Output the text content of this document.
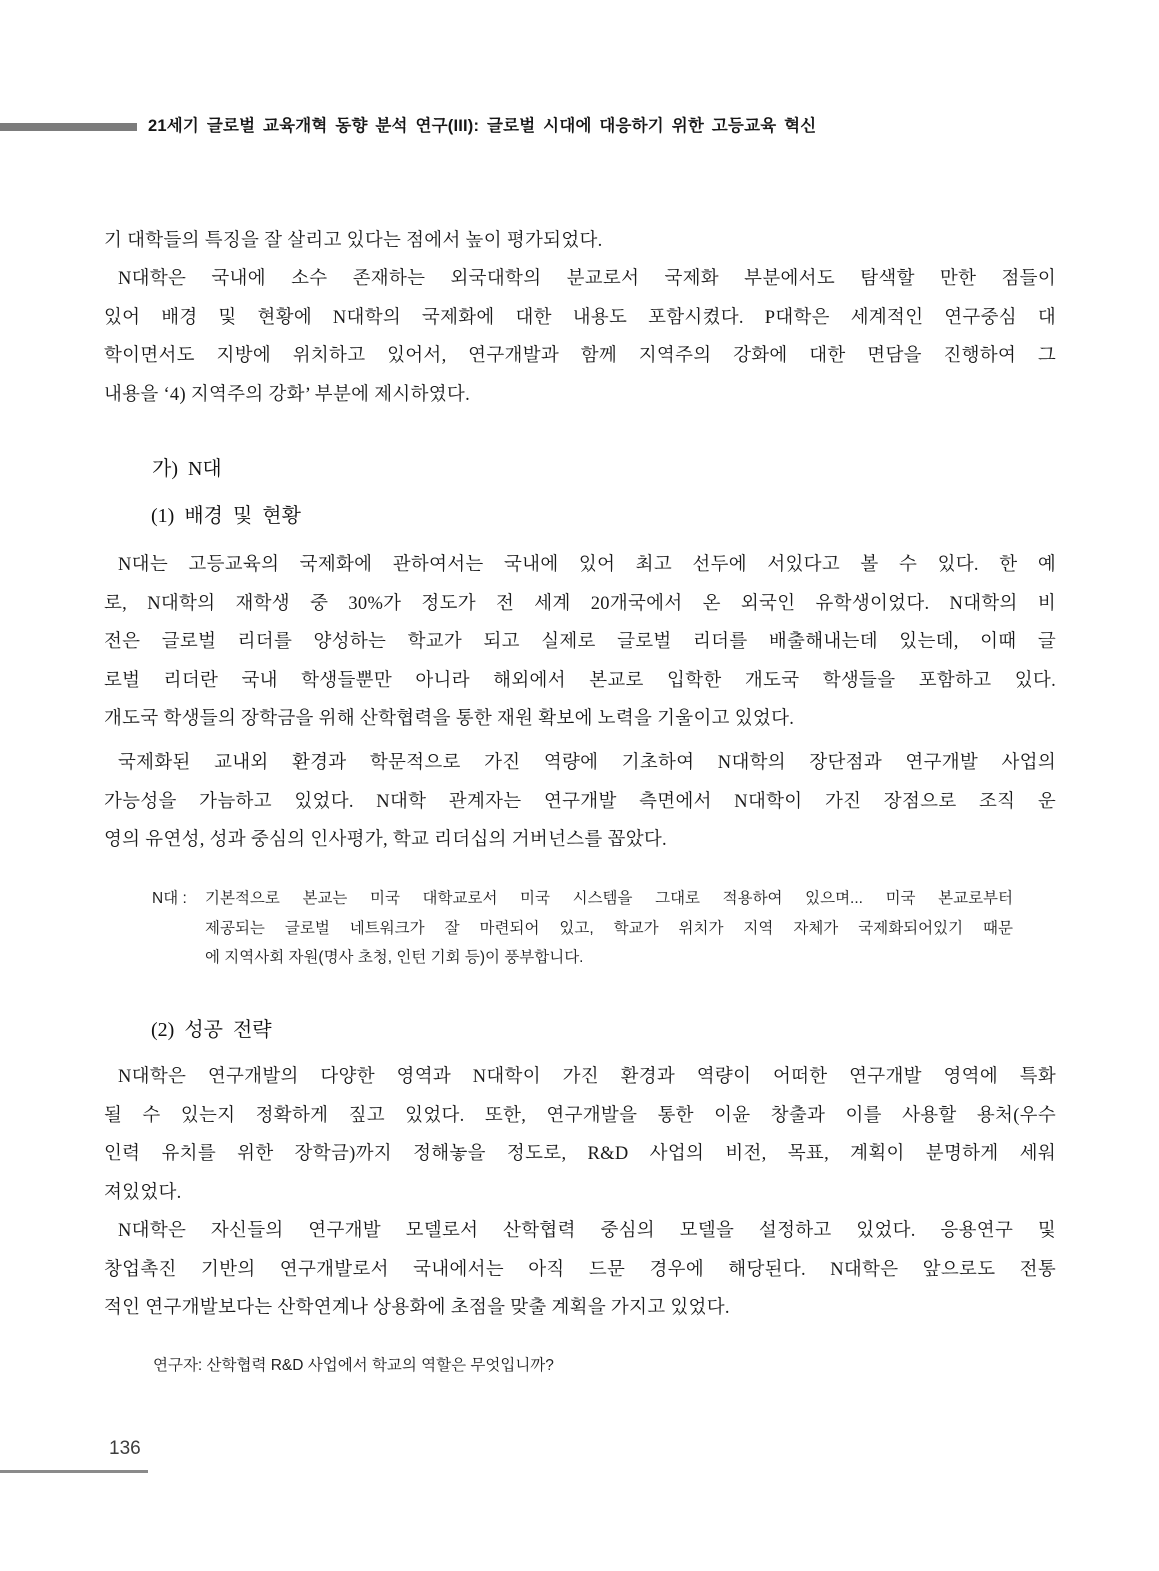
21세기 글로벌 교육개혁 동향 분석 연구(III): 글로벌 시대에 대응하기 위한 고등교육 혁신
기 대학들의 특징을 잘 살리고 있다는 점에서 높이 평가되었다.
N대학은 국내에 소수 존재하는 외국대학의 분교로서 국제화 부분에서도 탐색할 만한 점들이
있어 배경 및 현황에 N대학의 국제화에 대한 내용도 포함시켰다. P대학은 세계적인 연구중심 대
학이면서도 지방에 위치하고 있어서, 연구개발과 함께 지역주의 강화에 대한 면담을 진행하여 그
내용을 ‘4) 지역주의 강화’ 부분에 제시하였다.
가) N대
(1) 배경 및 현황
N대는 고등교육의 국제화에 관하여서는 국내에 있어 최고 선두에 서있다고 볼 수 있다. 한 예
로, N대학의 재학생 중 30%가 정도가 전 세계 20개국에서 온 외국인 유학생이었다. N대학의 비
전은 글로벌 리더를 양성하는 학교가 되고 실제로 글로벌 리더를 배출해내는데 있는데, 이때 글
로벌 리더란 국내 학생들뿐만 아니라 해외에서 본교로 입학한 개도국 학생들을 포함하고 있다.
개도국 학생들의 장학금을 위해 산학협력을 통한 재원 확보에 노력을 기울이고 있었다.
국제화된 교내외 환경과 학문적으로 가진 역량에 기초하여 N대학의 장단점과 연구개발 사업의
가능성을 가늠하고 있었다. N대학 관계자는 연구개발 측면에서 N대학이 가진 장점으로 조직 운
영의 유연성, 성과 중심의 인사평가, 학교 리더십의 거버넌스를 꼽았다.
N대 :	기본적으로 본교는 미국 대학교로서 미국 시스템을 그대로 적용하여 있으며... 미국 본교로부터
제공되는 글로벌 네트워크가 잘 마련되어 있고, 학교가 위치가 지역 자체가 국제화되어있기 때문
에 지역사회 자원(명사 초청, 인턴 기회 등)이 풍부합니다.
(2) 성공 전략
N대학은 연구개발의 다양한 영역과 N대학이 가진 환경과 역량이 어떠한 연구개발 영역에 특화
될 수 있는지 정확하게 짚고 있었다. 또한, 연구개발을 통한 이윤 창출과 이를 사용할 용처(우수
인력 유치를 위한 장학금)까지 정해놓을 정도로, R&D 사업의 비전, 목표, 계획이 분명하게 세워
져있었다.
N대학은 자신들의 연구개발 모델로서 산학협력 중심의 모델을 설정하고 있었다. 응용연구 및
창업촉진 기반의 연구개발로서 국내에서는 아직 드문 경우에 해당된다. N대학은 앞으로도 전통
적인 연구개발보다는 산학연계나 상용화에 초점을 맞출 계획을 가지고 있었다.
연구자: 산학협력 R&D 사업에서 학교의 역할은 무엇입니까?
136
